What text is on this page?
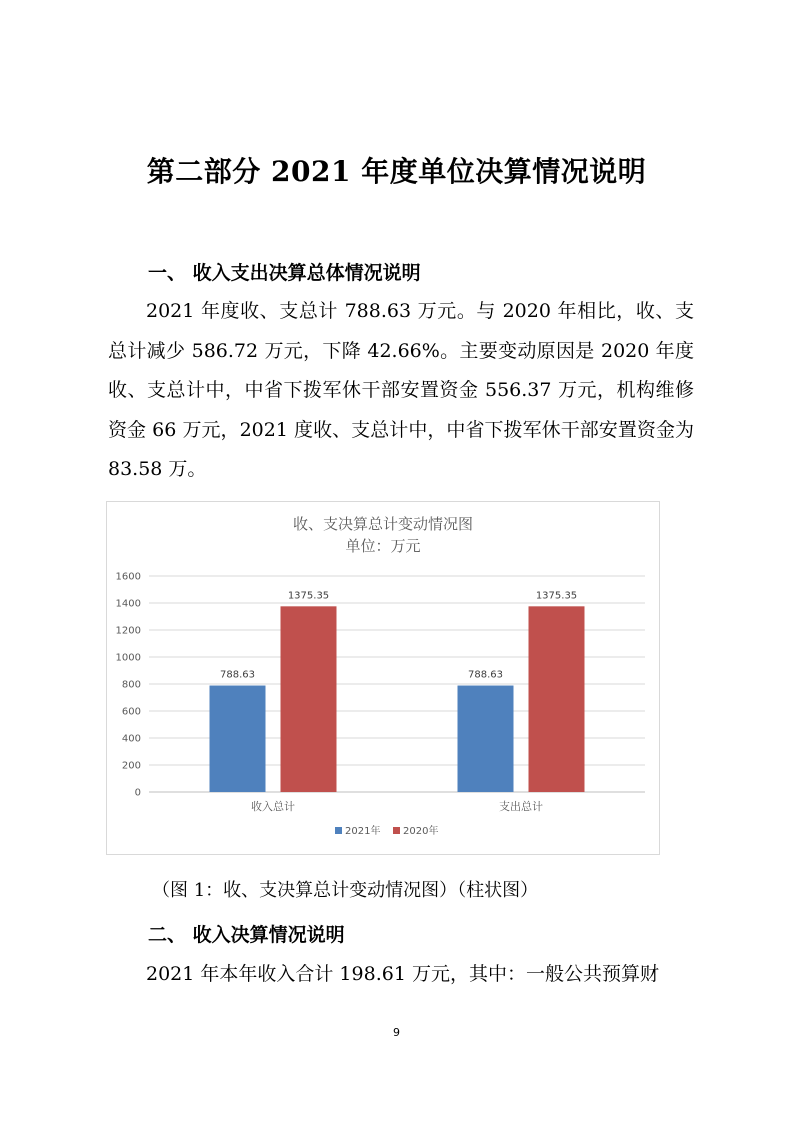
第二部分 2021 年度单位决算情况说明
一、 收入支出决算总体情况说明
2021 年度收、支总计 788.63 万元。与 2020 年相比，收、支总计减少 586.72 万元，下降 42.66%。主要变动原因是 2020 年度收、支总计中，中省下拨军休干部安置资金 556.37 万元，机构维修资金 66 万元，2021 度收、支总计中，中省下拨军休干部安置资金为 83.58 万。
收、支决算总计变动情况图
单位：万元
0
200
400
600
800
1000
1200
1400
1600
788.63
1375.35
收入总计
788.63
1375.35
支出总计
2021年 2020年
（图 1：收、支决算总计变动情况图）（柱状图）
二、 收入决算情况说明
2021 年本年收入合计 198.61 万元，其中：一般公共预算财
9
